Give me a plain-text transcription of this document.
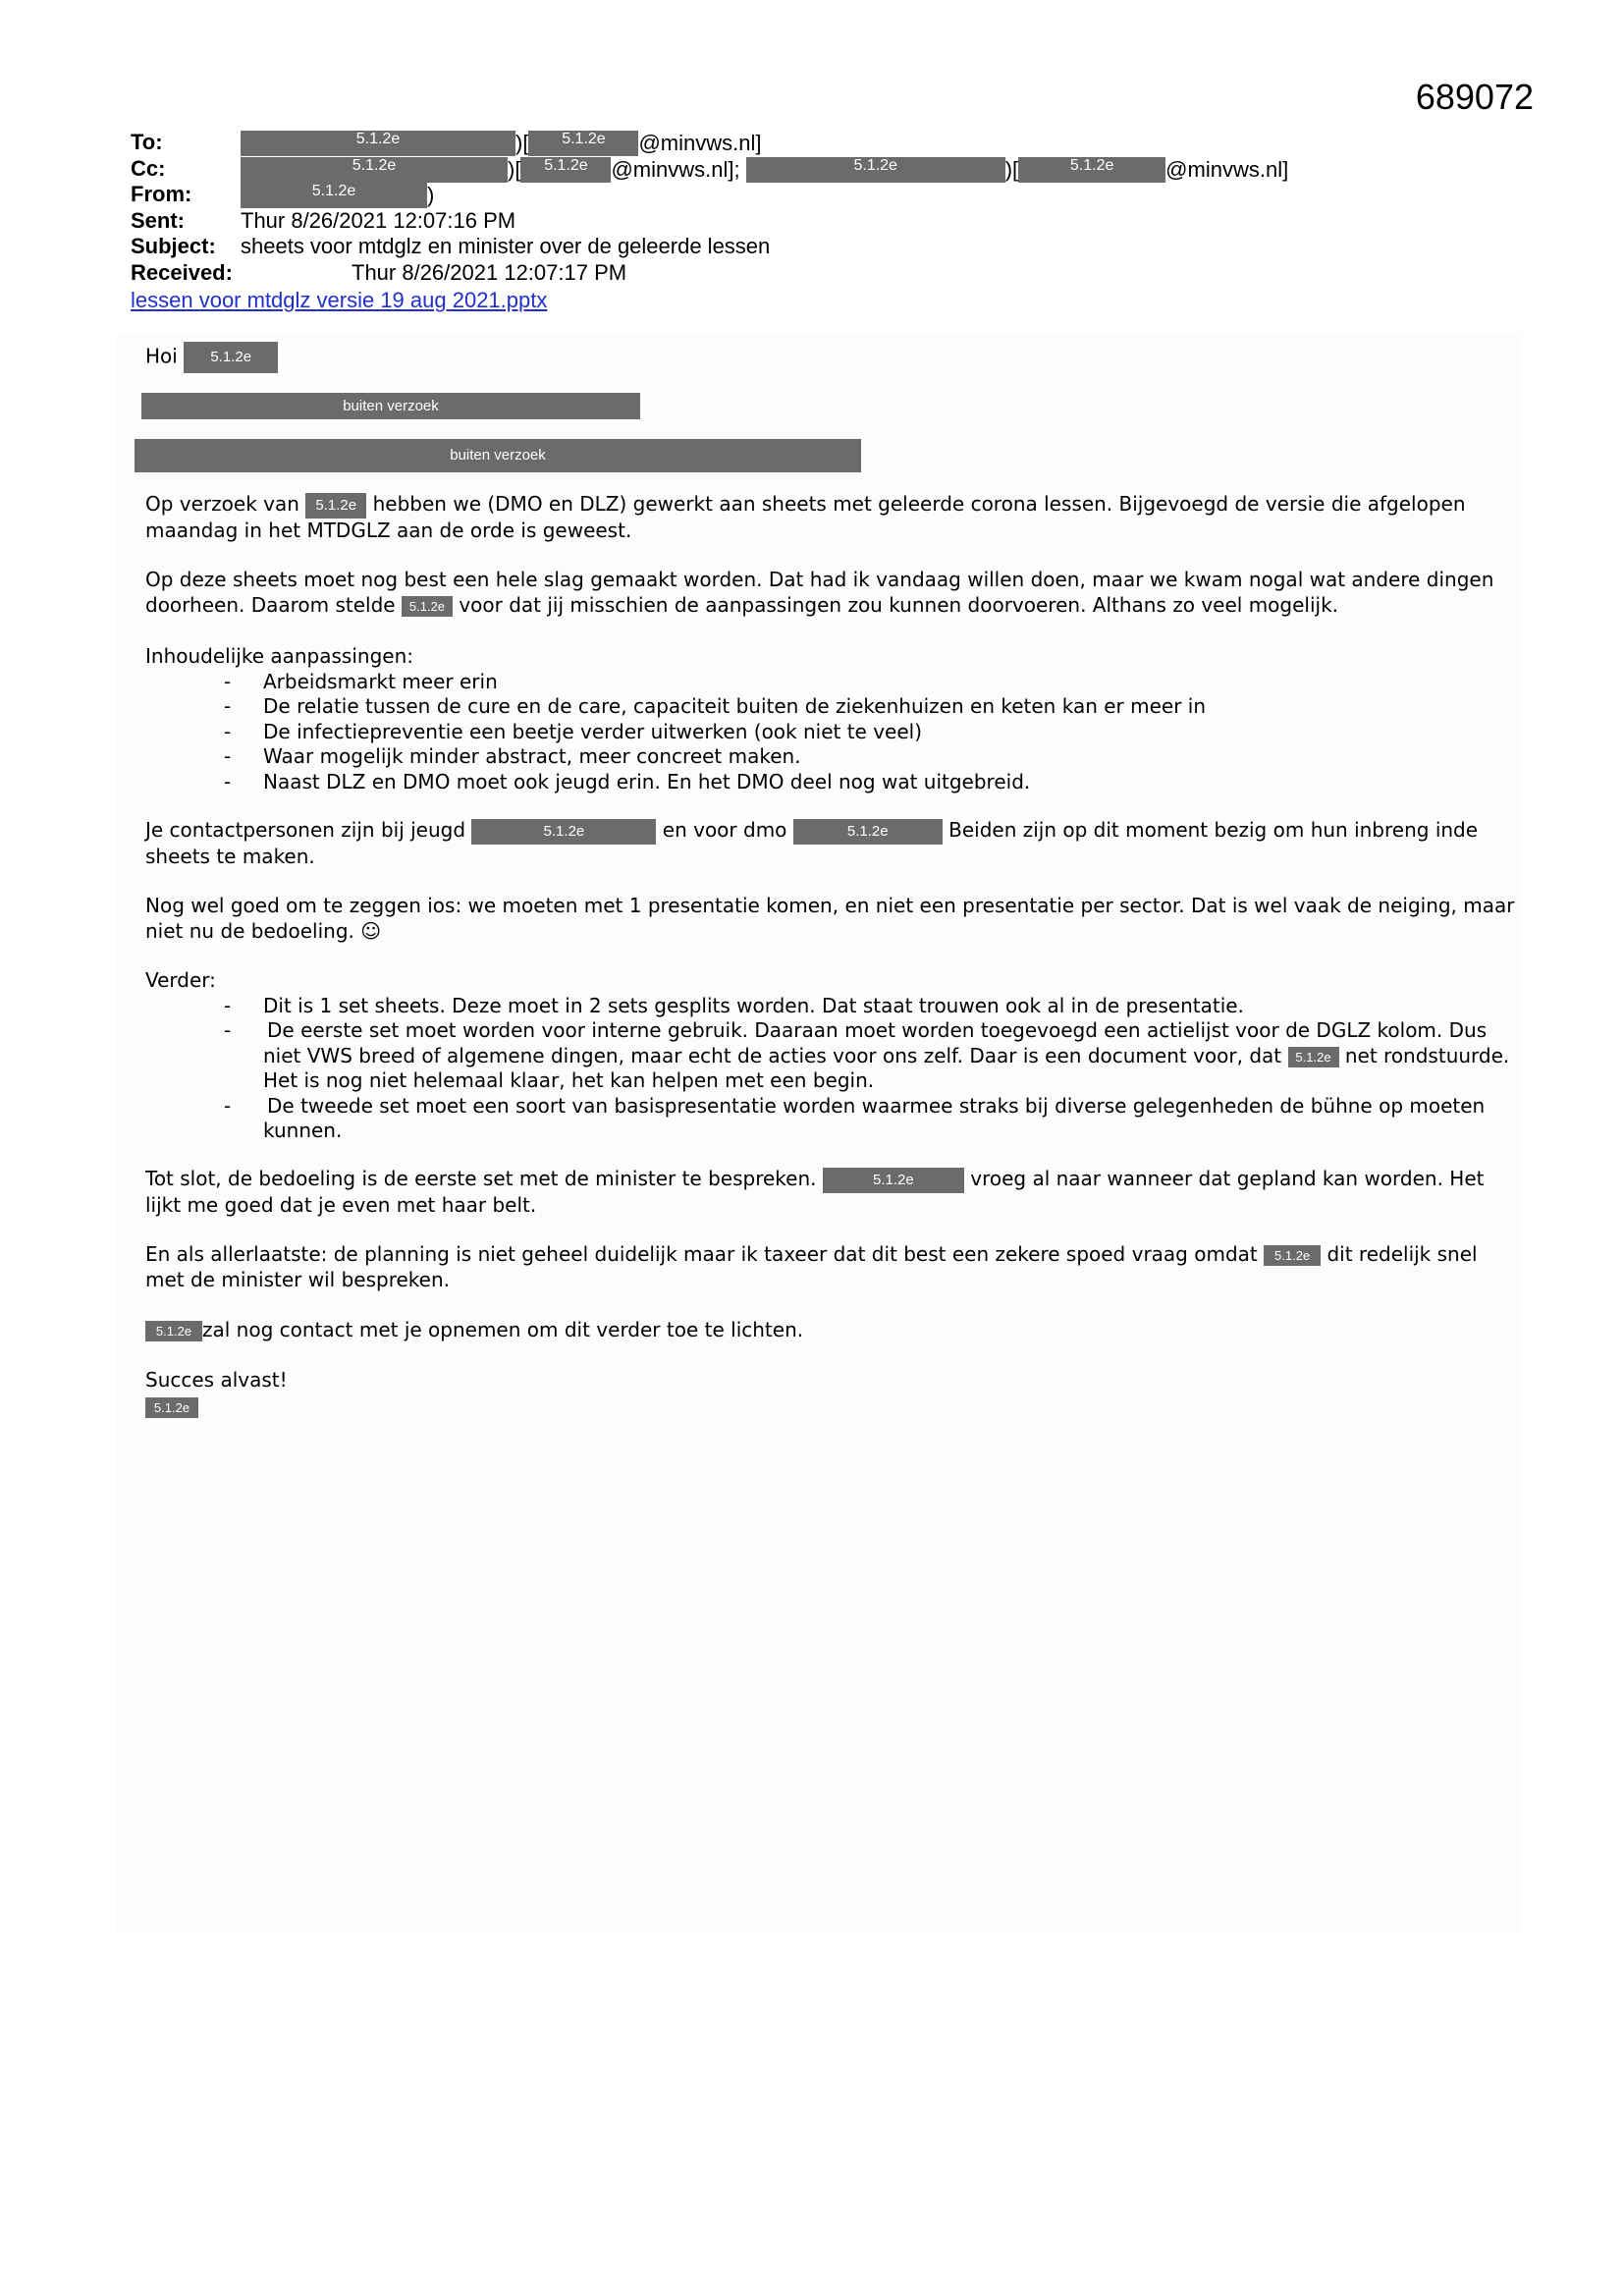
689072
To:	5.1.2e	)[ 5.1.2e @minvws.nl]
Cc:	5.1.2e	)[ 5.1.2e @minvws.nl];	5.1.2e	)[	5.1.2e @minvws.nl]
From:	5.1.2e	)
Sent:	Thur 8/26/2021 12:07:16 PM
Subject: sheets voor mtdglz en minister over de geleerde lessen
Received:	Thur 8/26/2021 12:07:17 PM
lessen voor mtdglz versie 19 aug 2021.pptx
Hoi 5.1.2e
buiten verzoek
buiten verzoek
Op verzoek van 5.1.2e hebben we (DMO en DLZ) gewerkt aan sheets met geleerde corona lessen. Bijgevoegd de versie die afgelopen maandag in het MTDGLZ aan de orde is geweest.
Op deze sheets moet nog best een hele slag gemaakt worden. Dat had ik vandaag willen doen, maar we kwam nogal wat andere dingen doorheen. Daarom stelde 5.1.2e voor dat jij misschien de aanpassingen zou kunnen doorvoeren. Althans zo veel mogelijk.
Inhoudelijke aanpassingen:
- Arbeidsmarkt meer erin
- De relatie tussen de cure en de care, capaciteit buiten de ziekenhuizen en keten kan er meer in
- De infectiepreventie een beetje verder uitwerken (ook niet te veel)
- Waar mogelijk minder abstract, meer concreet maken.
- Naast DLZ en DMO moet ook jeugd erin. En het DMO deel nog wat uitgebreid.
Je contactpersonen zijn bij jeugd	5.1.2e	en voor dmo	5.1.2e	Beiden zijn op dit moment bezig om hun inbreng inde sheets te maken.
Nog wel goed om te zeggen ios: we moeten met 1 presentatie komen, en niet een presentatie per sector. Dat is wel vaak de neiging, maar niet nu de bedoeling. ☺
Verder:
- Dit is 1 set sheets. Deze moet in 2 sets gesplits worden. Dat staat trouwen ook al in de presentatie.
- De eerste set moet worden voor interne gebruik. Daaraan moet worden toegevoegd een actielijst voor de DGLZ kolom. Dus niet VWS breed of algemene dingen, maar echt de acties voor ons zelf. Daar is een document voor, dat 5.1.2e net rondstuurde. Het is nog niet helemaal klaar, het kan helpen met een begin.
- De tweede set moet een soort van basispresentatie worden waarmee straks bij diverse gelegenheden de bühne op moeten kunnen.
Tot slot, de bedoeling is de eerste set met de minister te bespreken.	5.1.2e	vroeg al naar wanneer dat gepland kan worden. Het lijkt me goed dat je even met haar belt.
En als allerlaatste: de planning is niet geheel duidelijk maar ik taxeer dat dit best een zekere spoed vraag omdat 5.1.2e dit redelijk snel met de minister wil bespreken.
5.1.2e zal nog contact met je opnemen om dit verder toe te lichten.
Succes alvast!
5.1.2e
